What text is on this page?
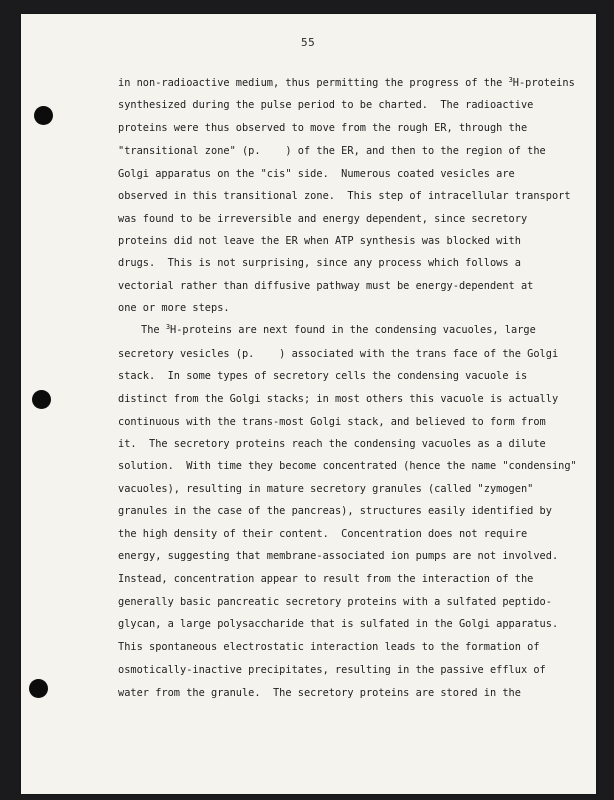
55
in non-radioactive medium, thus permitting the progress of the $^3$H-proteins
synthesized during the pulse period to be charted.  The radioactive
proteins were thus observed to move from the rough ER, through the
"transitional zone" (p.    ) of the ER, and then to the region of the
Golgi apparatus on the "cis" side.  Numerous coated vesicles are
observed in this transitional zone.  This step of intracellular transport
was found to be irreversible and energy dependent, since secretory
proteins did not leave the ER when ATP synthesis was blocked with
drugs.  This is not surprising, since any process which follows a
vectorial rather than diffusive pathway must be energy-dependent at
one or more steps.
The $^3$H-proteins are next found in the condensing vacuoles, large
secretory vesicles (p.    ) associated with the trans face of the Golgi
stack.  In some types of secretory cells the condensing vacuole is
distinct from the Golgi stacks; in most others this vacuole is actually
continuous with the trans-most Golgi stack, and believed to form from
it.  The secretory proteins reach the condensing vacuoles as a dilute
solution.  With time they become concentrated (hence the name "condensing"
vacuoles), resulting in mature secretory granules (called "zymogen"
granules in the case of the pancreas), structures easily identified by
the high density of their content.  Concentration does not require
energy, suggesting that membrane-associated ion pumps are not involved.
Instead, concentration appear to result from the interaction of the
generally basic pancreatic secretory proteins with a sulfated peptido-
glycan, a large polysaccharide that is sulfated in the Golgi apparatus.
This spontaneous electrostatic interaction leads to the formation of
osmotically-inactive precipitates, resulting in the passive efflux of
water from the granule.  The secretory proteins are stored in the
